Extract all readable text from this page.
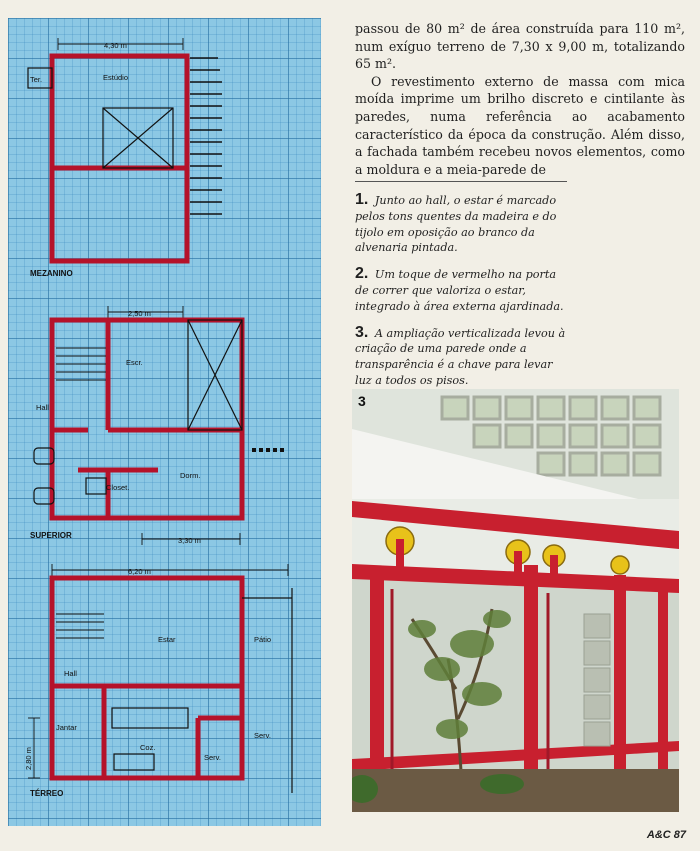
4,30 m
Ter.	Estúdio
MEZANINO
2,50 m
3,30 m
Escr.
Hall
Closet.
Dorm.
SUPERIOR
6,20 m
2,80 m
Estar	Pátio
Hall
Jantar
Coz.
Serv.
Serv.
TÉRREO

passou de 80 m² de área construída para 110 m², num exíguo terreno de 7,30 x 9,00 m, totalizando 65 m².

O revestimento externo de massa com mica moída imprime um brilho discreto e cintilante às paredes, numa referência ao acabamento característico da época da construção. Além disso, a fachada também recebeu novos elementos, como a moldura e a meia-parede de

1. Junto ao hall, o estar é marcado pelos tons quentes da madeira e do tijolo em oposição ao branco da alvenaria pintada.

2. Um toque de vermelho na porta de correr que valoriza o estar, integrado à área externa ajardinada.

3. A ampliação verticalizada levou à criação de uma parede onde a transparência é a chave para levar luz a todos os pisos.

3
A&C 87
